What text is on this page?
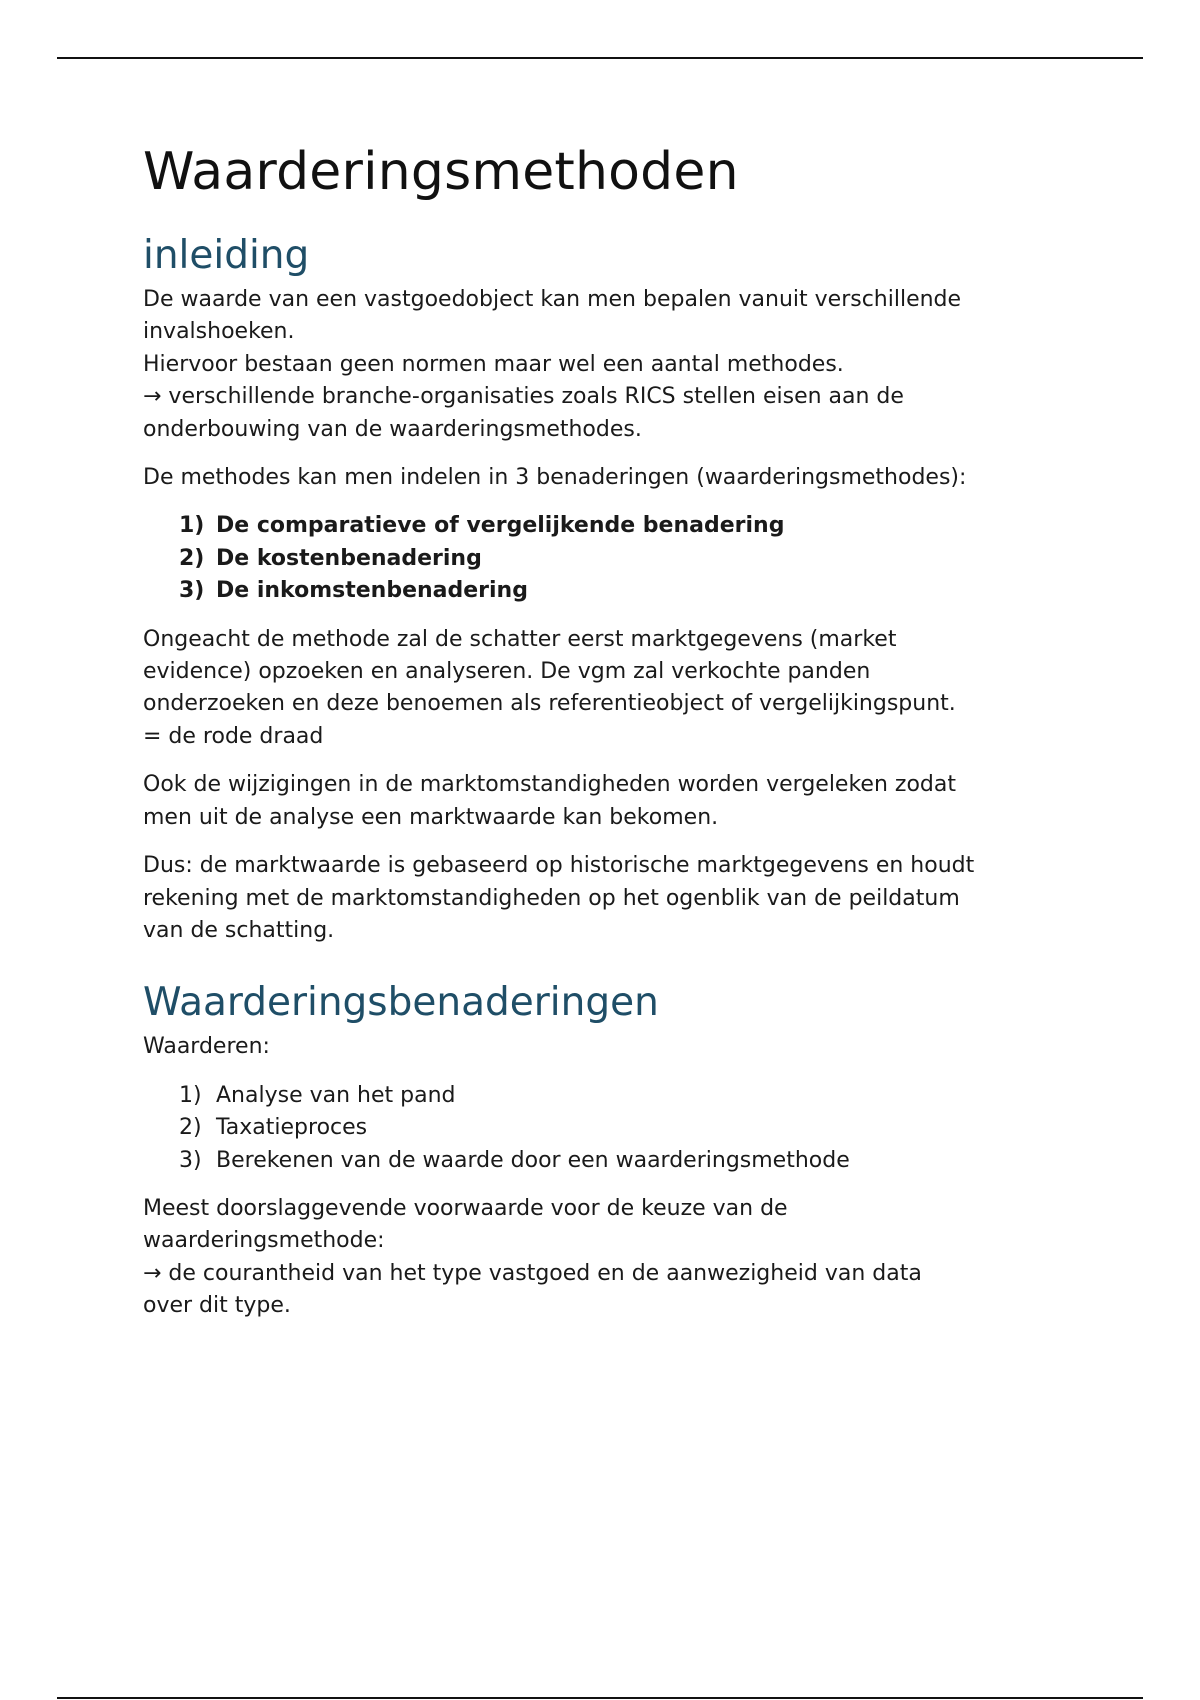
Waarderingsmethoden
inleiding

De waarde van een vastgoedobject kan men bepalen vanuit verschillende

invalshoeken.

Hiervoor bestaan geen normen maar wel een aantal methodes.

→ verschillende branche-organisaties zoals RICS stellen eisen aan de

onderbouwing van de waarderingsmethodes.

De methodes kan men indelen in 3 benaderingen (waarderingsmethodes):

1) De comparatieve of vergelijkende benadering
2) De kostenbenadering
3) De inkomstenbenadering

Ongeacht de methode zal de schatter eerst marktgegevens (market

evidence) opzoeken en analyseren. De vgm zal verkochte panden

onderzoeken en deze benoemen als referentieobject of vergelijkingspunt.

= de rode draad

Ook de wijzigingen in de marktomstandigheden worden vergeleken zodat

men uit de analyse een marktwaarde kan bekomen.

Dus: de marktwaarde is gebaseerd op historische marktgegevens en houdt

rekening met de marktomstandigheden op het ogenblik van de peildatum

van de schatting.

Waarderingsbenaderingen

Waarderen:

1) Analyse van het pand
2) Taxatieproces
3) Berekenen van de waarde door een waarderingsmethode

Meest doorslaggevende voorwaarde voor de keuze van de

waarderingsmethode:

→ de courantheid van het type vastgoed en de aanwezigheid van data

over dit type.
